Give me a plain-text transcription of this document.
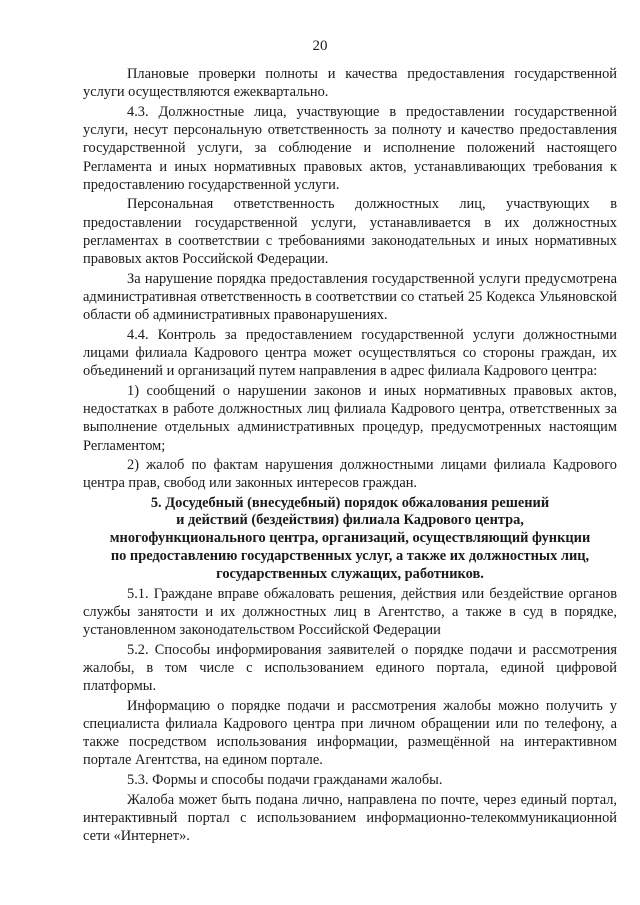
20

Плановые проверки полноты и качества предоставления государственной услуги осуществляются ежеквартально.

4.3. Должностные лица, участвующие в предоставлении государственной услуги, несут персональную ответственность за полноту и качество предоставления государственной услуги, за соблюдение и исполнение положений настоящего Регламента и иных нормативных правовых актов, устанавливающих требования к предоставлению государственной услуги.

Персональная ответственность должностных лиц, участвующих в предоставлении государственной услуги, устанавливается в их должностных регламентах в соответствии с требованиями законодательных и иных нормативных правовых актов Российской Федерации.

За нарушение порядка предоставления государственной услуги предусмотрена административная ответственность в соответствии со статьей 25 Кодекса Ульяновской области об административных правонарушениях.

4.4. Контроль за предоставлением государственной услуги должностными лицами филиала Кадрового центра может осуществляться со стороны граждан, их объединений и организаций путем направления в адрес филиала Кадрового центра:

1) сообщений о нарушении законов и иных нормативных правовых актов, недостатках в работе должностных лиц филиала Кадрового центра, ответственных за выполнение отдельных административных процедур, предусмотренных настоящим Регламентом;

2) жалоб по фактам нарушения должностными лицами филиала Кадрового центра прав, свобод или законных интересов граждан.

5. Досудебный (внесудебный) порядок обжалования решений
и действий (бездействия) филиала Кадрового центра,
многофункционального центра, организаций, осуществляющий функции
по предоставлению государственных услуг, а также их должностных лиц,
государственных служащих, работников.

5.1. Граждане вправе обжаловать решения, действия или бездействие органов службы занятости и их должностных лиц в Агентство, а также в суд в порядке, установленном законодательством Российской Федерации

5.2. Способы информирования заявителей о порядке подачи и рассмотрения жалобы, в том числе с использованием единого портала, единой цифровой платформы.

Информацию о порядке подачи и рассмотрения жалобы можно получить у специалиста филиала Кадрового центра при личном обращении или по телефону, а также посредством использования информации, размещённой на интерактивном портале Агентства, на едином портале.

5.3. Формы и способы подачи гражданами жалобы.

Жалоба может быть подана лично, направлена по почте, через единый портал, интерактивный портал с использованием информационно-телекоммуникационной сети «Интернет».
